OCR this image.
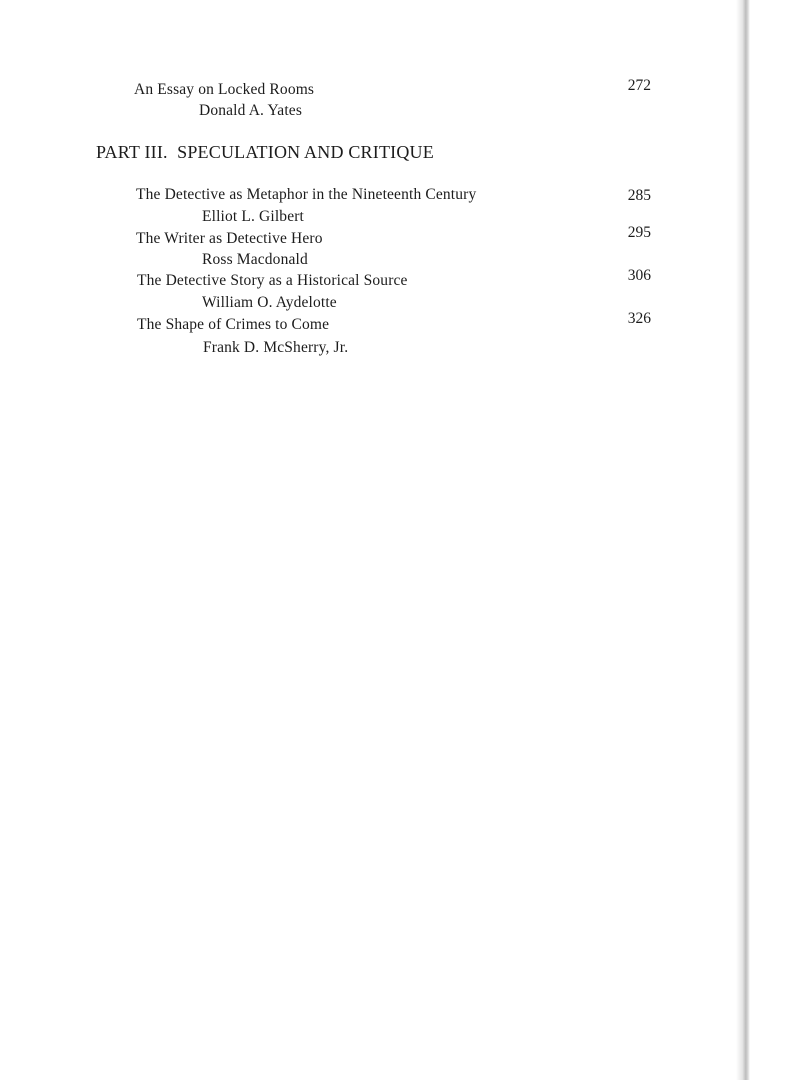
An Essay on Locked Rooms
Donald A. Yates
272
PART III.  SPECULATION AND CRITIQUE
The Detective as Metaphor in the Nineteenth Century
Elliot L. Gilbert
285
The Writer as Detective Hero
Ross Macdonald
295
The Detective Story as a Historical Source
William O. Aydelotte
306
The Shape of Crimes to Come
Frank D. McSherry, Jr.
326
